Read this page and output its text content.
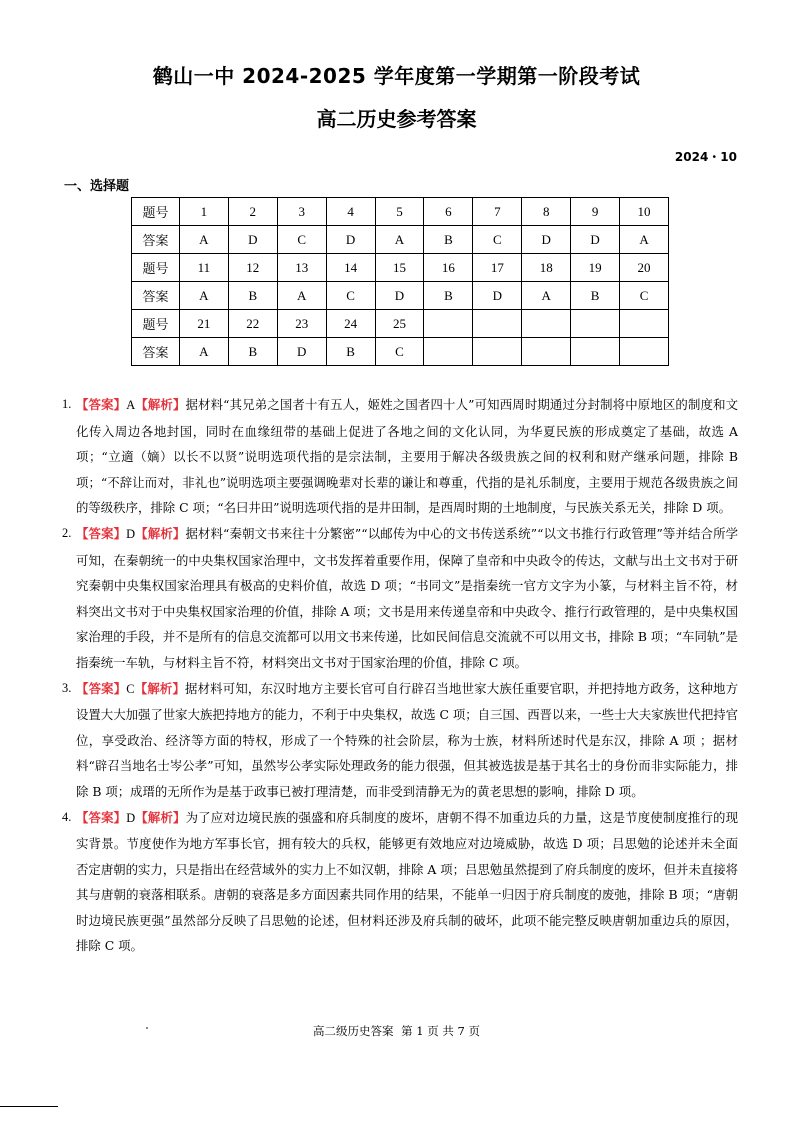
鹤山一中 2024-2025 学年度第一学期第一阶段考试
高二历史参考答案
2024・10
一、选择题
题号	1	2	3	4	5	6	7	8	9	10
答案	A	D	C	D	A	B	C	D	D	A
题号	11	12	13	14	15	16	17	18	19	20
答案	A	B	A	C	D	B	D	A	B	C
题号	21	22	23	24	25					
答案	A	B	D	B	C					
1. 【答案】A【解析】据材料“其兄弟之国者十有五人，姬姓之国者四十人”可知西周时期通过分封制将中原地区的制度和文化传入周边各地封国，同时在血缘纽带的基础上促进了各地之间的文化认同，为华夏民族的形成奠定了基础，故选 A 项；“立適（嫡）以长不以贤”说明选项代指的是宗法制，主要用于解决各级贵族之间的权利和财产继承问题，排除 B 项；“不辞让而对，非礼也”说明选项主要强调晚辈对长辈的谦让和尊重，代指的是礼乐制度，主要用于规范各级贵族之间的等级秩序，排除 C 项；“名曰井田”说明选项代指的是井田制，是西周时期的土地制度，与民族关系无关，排除 D 项。
2. 【答案】D【解析】据材料“秦朝文书来往十分繁密”“以邮传为中心的文书传送系统”“以文书推行行政管理”等并结合所学可知，在秦朝统一的中央集权国家治理中，文书发挥着重要作用，保障了皇帝和中央政令的传达，文献与出土文书对于研究秦朝中央集权国家治理具有极高的史料价值，故选 D 项；“书同文”是指秦统一官方文字为小篆，与材料主旨不符，材料突出文书对于中央集权国家治理的价值，排除 A 项；文书是用来传递皇帝和中央政令、推行行政管理的，是中央集权国家治理的手段，并不是所有的信息交流都可以用文书来传递，比如民间信息交流就不可以用文书，排除 B 项；“车同轨”是指秦统一车轨，与材料主旨不符，材料突出文书对于国家治理的价值，排除 C 项。
3. 【答案】C【解析】据材料可知，东汉时地方主要长官可自行辟召当地世家大族任重要官职，并把持地方政务，这种地方设置大大加强了世家大族把持地方的能力，不利于中央集权，故选 C 项；自三国、西晋以来，一些士大夫家族世代把持官位，享受政治、经济等方面的特权，形成了一个特殊的社会阶层，称为士族，材料所述时代是东汉，排除 A 项 ；据材料“辟召当地名士岑公孝”可知，虽然岑公孝实际处理政务的能力很强，但其被选拔是基于其名士的身份而非实际能力，排除 B 项；成瑨的无所作为是基于政事已被打理清楚，而非受到清静无为的黄老思想的影响，排除 D 项。
4. 【答案】D【解析】为了应对边境民族的强盛和府兵制度的废坏，唐朝不得不加重边兵的力量，这是节度使制度推行的现实背景。节度使作为地方军事长官，拥有较大的兵权，能够更有效地应对边境威胁，故选 D 项；吕思勉的论述并未全面否定唐朝的实力，只是指出在经营域外的实力上不如汉朝，排除 A 项；吕思勉虽然提到了府兵制度的废坏，但并未直接将其与唐朝的衰落相联系。唐朝的衰落是多方面因素共同作用的结果，不能单一归因于府兵制度的废弛，排除 B 项；“唐朝时边境民族更强”虽然部分反映了吕思勉的论述，但材料还涉及府兵制的破坏，此项不能完整反映唐朝加重边兵的原因，排除 C 项。
高二级历史答案 第 1 页 共 7 页
